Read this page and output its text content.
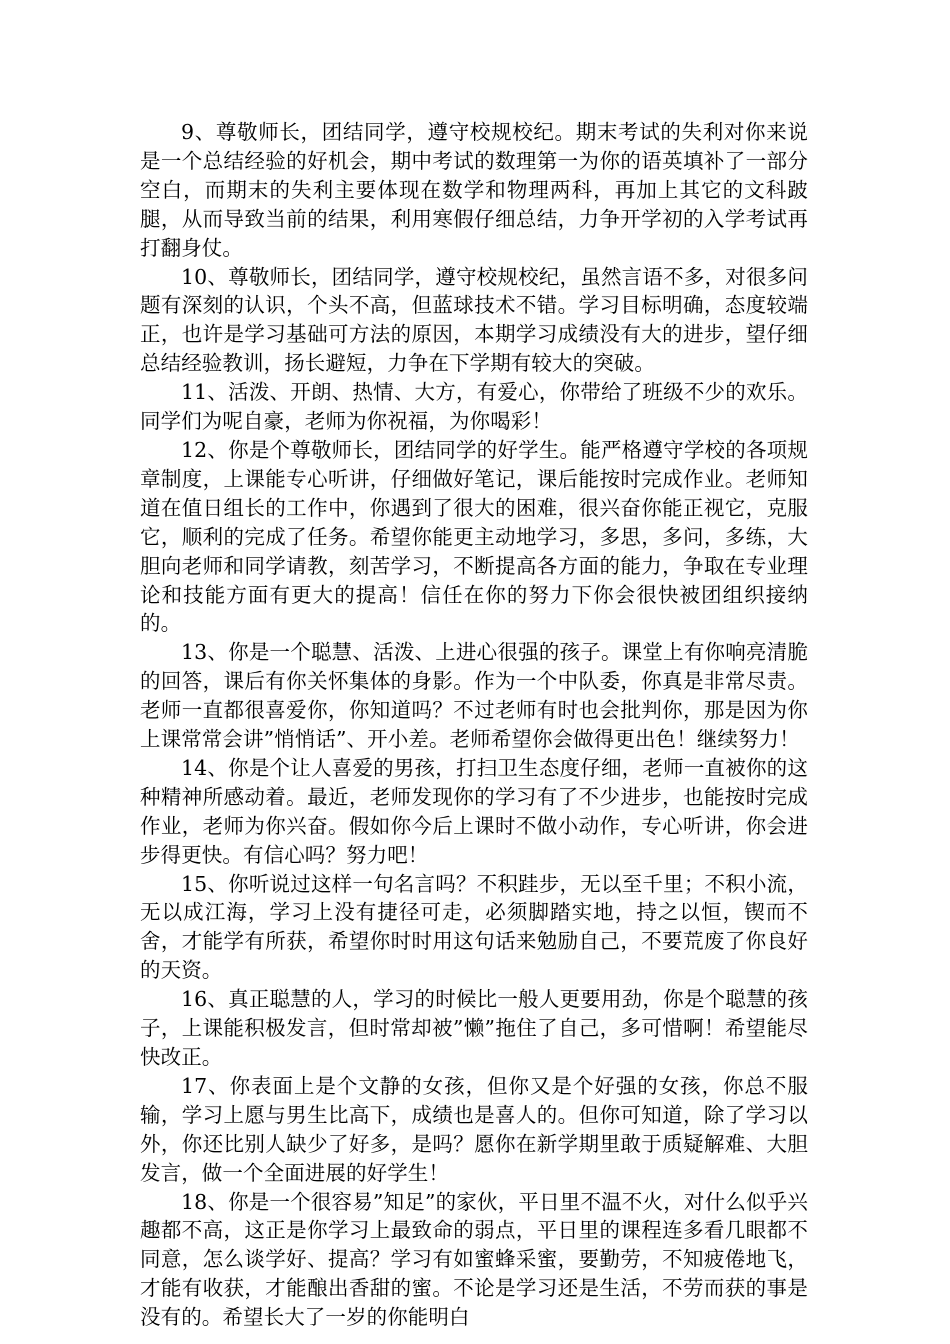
9、尊敬师长，团结同学，遵守校规校纪。期末考试的失利对你来说是一个总结经验的好机会，期中考试的数理第一为你的语英填补了一部分空白，而期末的失利主要体现在数学和物理两科，再加上其它的文科跛腿，从而导致当前的结果，利用寒假仔细总结，力争开学初的入学考试再打翻身仗。

10、尊敬师长，团结同学，遵守校规校纪，虽然言语不多，对很多问题有深刻的认识，个头不高，但蓝球技术不错。学习目标明确，态度较端正，也许是学习基础可方法的原因，本期学习成绩没有大的进步，望仔细总结经验教训，扬长避短，力争在下学期有较大的突破。

11、活泼、开朗、热情、大方，有爱心，你带给了班级不少的欢乐。同学们为呢自豪，老师为你祝福，为你喝彩！

12、你是个尊敬师长，团结同学的好学生。能严格遵守学校的各项规章制度，上课能专心听讲，仔细做好笔记，课后能按时完成作业。老师知道在值日组长的工作中，你遇到了很大的困难，很兴奋你能正视它，克服它，顺利的完成了任务。希望你能更主动地学习，多思，多问，多练，大胆向老师和同学请教，刻苦学习，不断提高各方面的能力，争取在专业理论和技能方面有更大的提高！信任在你的努力下你会很快被团组织接纳的。

13、你是一个聪慧、活泼、上进心很强的孩子。课堂上有你响亮清脆的回答，课后有你关怀集体的身影。作为一个中队委，你真是非常尽责。老师一直都很喜爱你，你知道吗？不过老师有时也会批判你，那是因为你上课常常会讲”悄悄话”、开小差。老师希望你会做得更出色！继续努力！

14、你是个让人喜爱的男孩，打扫卫生态度仔细，老师一直被你的这种精神所感动着。最近，老师发现你的学习有了不少进步，也能按时完成作业，老师为你兴奋。假如你今后上课时不做小动作，专心听讲，你会进步得更快。有信心吗？努力吧！

15、你听说过这样一句名言吗？不积跬步，无以至千里；不积小流，无以成江海，学习上没有捷径可走，必须脚踏实地，持之以恒，锲而不舍，才能学有所获，希望你时时用这句话来勉励自己，不要荒废了你良好的天资。

16、真正聪慧的人，学习的时候比一般人更要用劲，你是个聪慧的孩子，上课能积极发言，但时常却被”懒”拖住了自己，多可惜啊！希望能尽快改正。

17、你表面上是个文静的女孩，但你又是个好强的女孩，你总不服输，学习上愿与男生比高下，成绩也是喜人的。但你可知道，除了学习以外，你还比别人缺少了好多，是吗？愿你在新学期里敢于质疑解难、大胆发言，做一个全面进展的好学生！

18、你是一个很容易”知足”的家伙，平日里不温不火，对什么似乎兴趣都不高，这正是你学习上最致命的弱点，平日里的课程连多看几眼都不同意，怎么谈学好、提高？学习有如蜜蜂采蜜，要勤劳，不知疲倦地飞，才能有收获，才能酿出香甜的蜜。不论是学习还是生活，不劳而获的事是没有的。希望长大了一岁的你能明白
